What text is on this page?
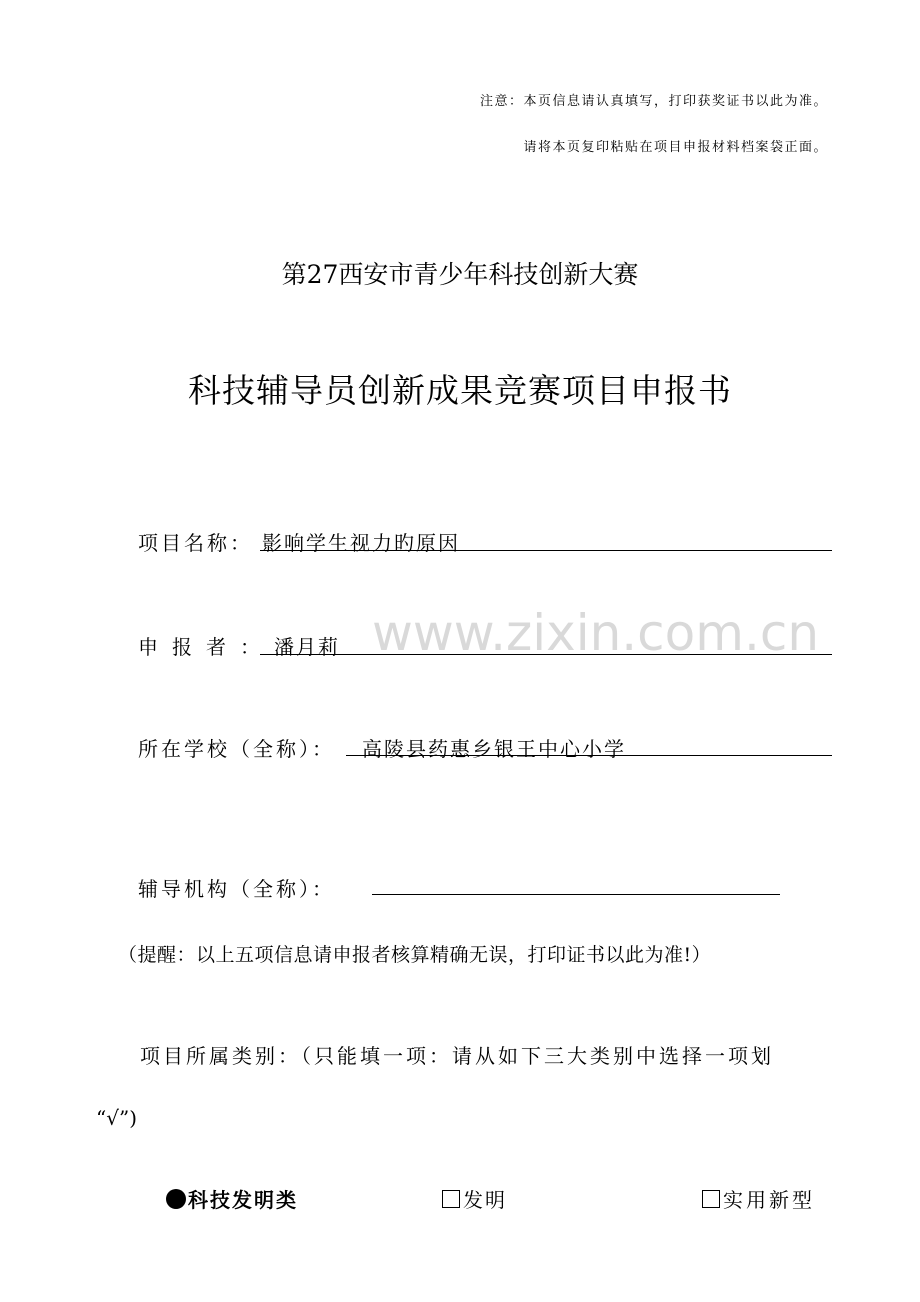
www.zixin.com.cn
注意：本页信息请认真填写，打印获奖证书以此为准。
请将本页复印粘贴在项目申报材料档案袋正面。
第27西安市青少年科技创新大赛
科技辅导员创新成果竞赛项目申报书
项目名称： 影响学生视力旳原因
申报者： 潘月莉
所在学校（全称）： 高陵县药惠乡银王中心小学
辅导机构（全称）：
（提醒：以上五项信息请申报者核算精确无误，打印证书以此为准!）
项目所属类别：（只能填一项：请从如下三大类别中选择一项划
“√”)
科技发明类	发明	实用新型
